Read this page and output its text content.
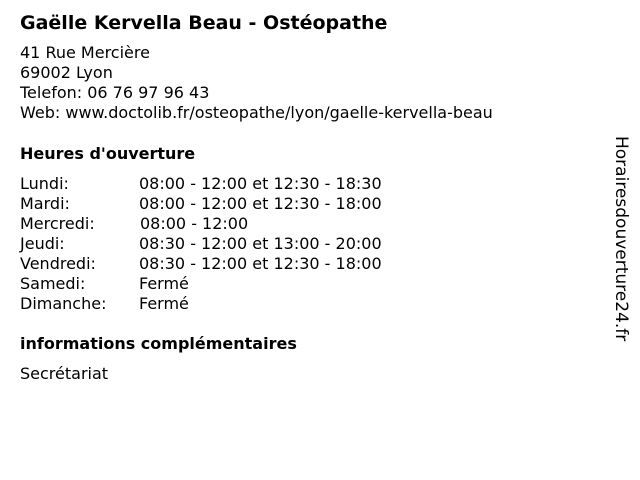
Gaëlle Kervella Beau - Ostéopathe
41 Rue Mercière
69002 Lyon
Telefon: 06 76 97 96 43
Web: www.doctolib.fr/osteopathe/lyon/gaelle-kervella-beau
Heures d'ouverture
Lundi:	08:00 - 12:00 et 12:30 - 18:30
Mardi:	08:00 - 12:00 et 12:30 - 18:00
Mercredi:	08:00 - 12:00
Jeudi:	08:30 - 12:00 et 13:00 - 20:00
Vendredi:	08:30 - 12:00 et 12:30 - 18:00
Samedi:	Fermé
Dimanche: Fermé
informations complémentaires
Secrétariat
Horairesdouverture24.fr
